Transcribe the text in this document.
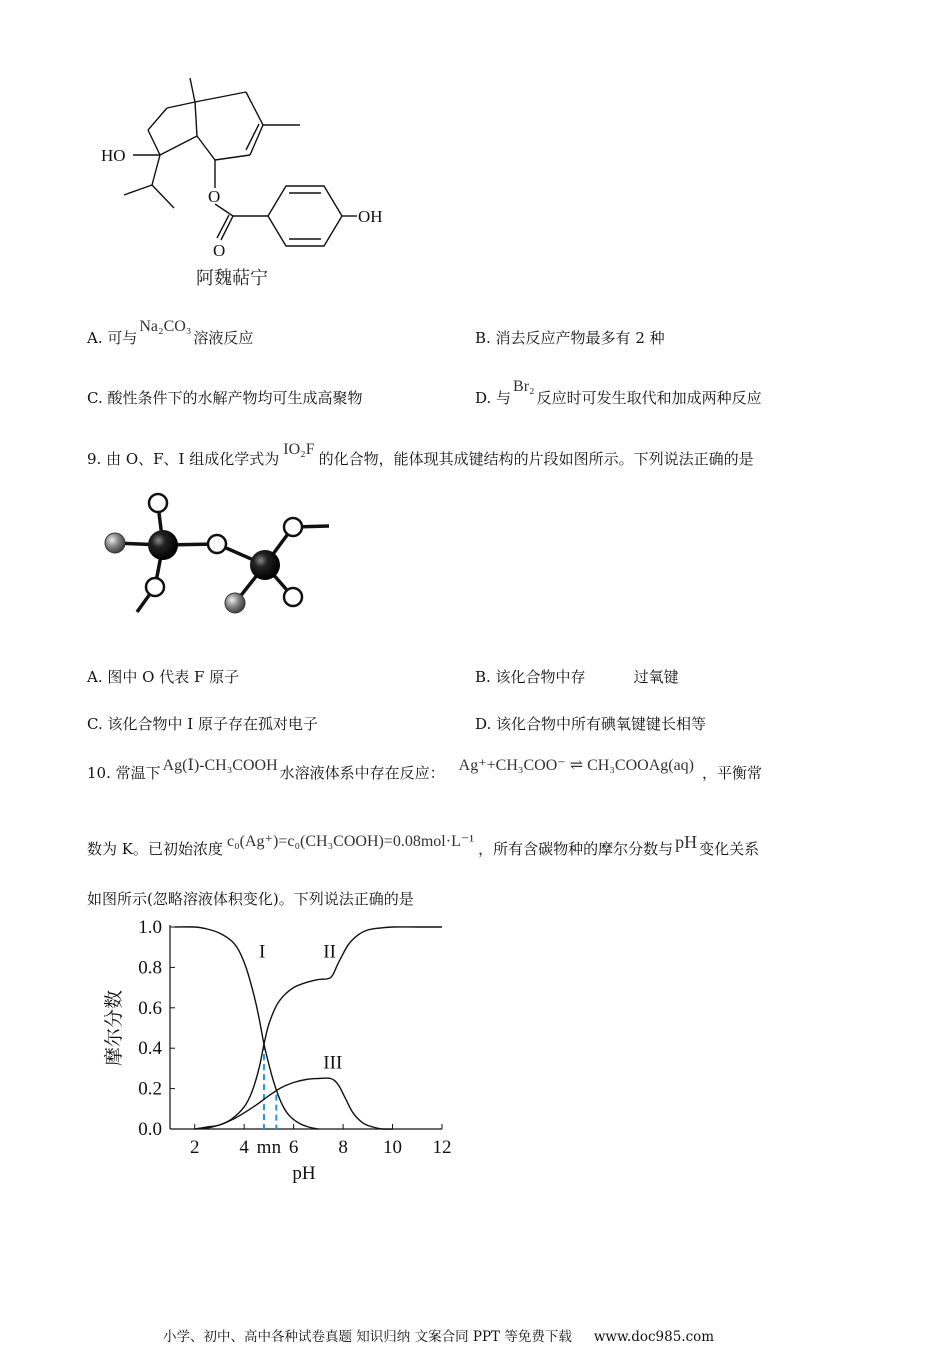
HO
O
O
OH
阿魏萜宁
A. 可与Na₂CO₃溶液反应	B. 消去反应产物最多有 2 种
C. 酸性条件下的水解产物均可生成高聚物	D. 与Br₂反应时可发生取代和加成两种反应
9. 由 O、F、I 组成化学式为IO₂F的化合物，能体现其成键结构的片段如图所示。下列说法正确的是
A. 图中 O 代表 F 原子	B. 该化合物中存	过氧键
C. 该化合物中 I 原子存在孤对电子	D. 该化合物中所有碘氧键键长相等
10. 常温下 Ag(Ⅰ)-CH₃COOH 水溶液体系中存在反应： Ag⁺+CH₃COO⁻ ⇌ CH₃COOAg(aq) ，平衡常
数为 K。已初始浓度 c₀(Ag⁺)=c₀(CH₃COOH)=0.08mol·L⁻¹ ，所有含碳物种的摩尔分数与 pH 变化关系
如图所示(忽略溶液体积变化)。下列说法正确的是
0.0
0.2
0.4
0.6
0.8
1.0
2 4 6 8 10 12
pH
摩尔分数
m n
I	II
III
小学、初中、高中各种试卷真题 知识归纳 文案合同 PPT 等免费下载 www.doc985.com
